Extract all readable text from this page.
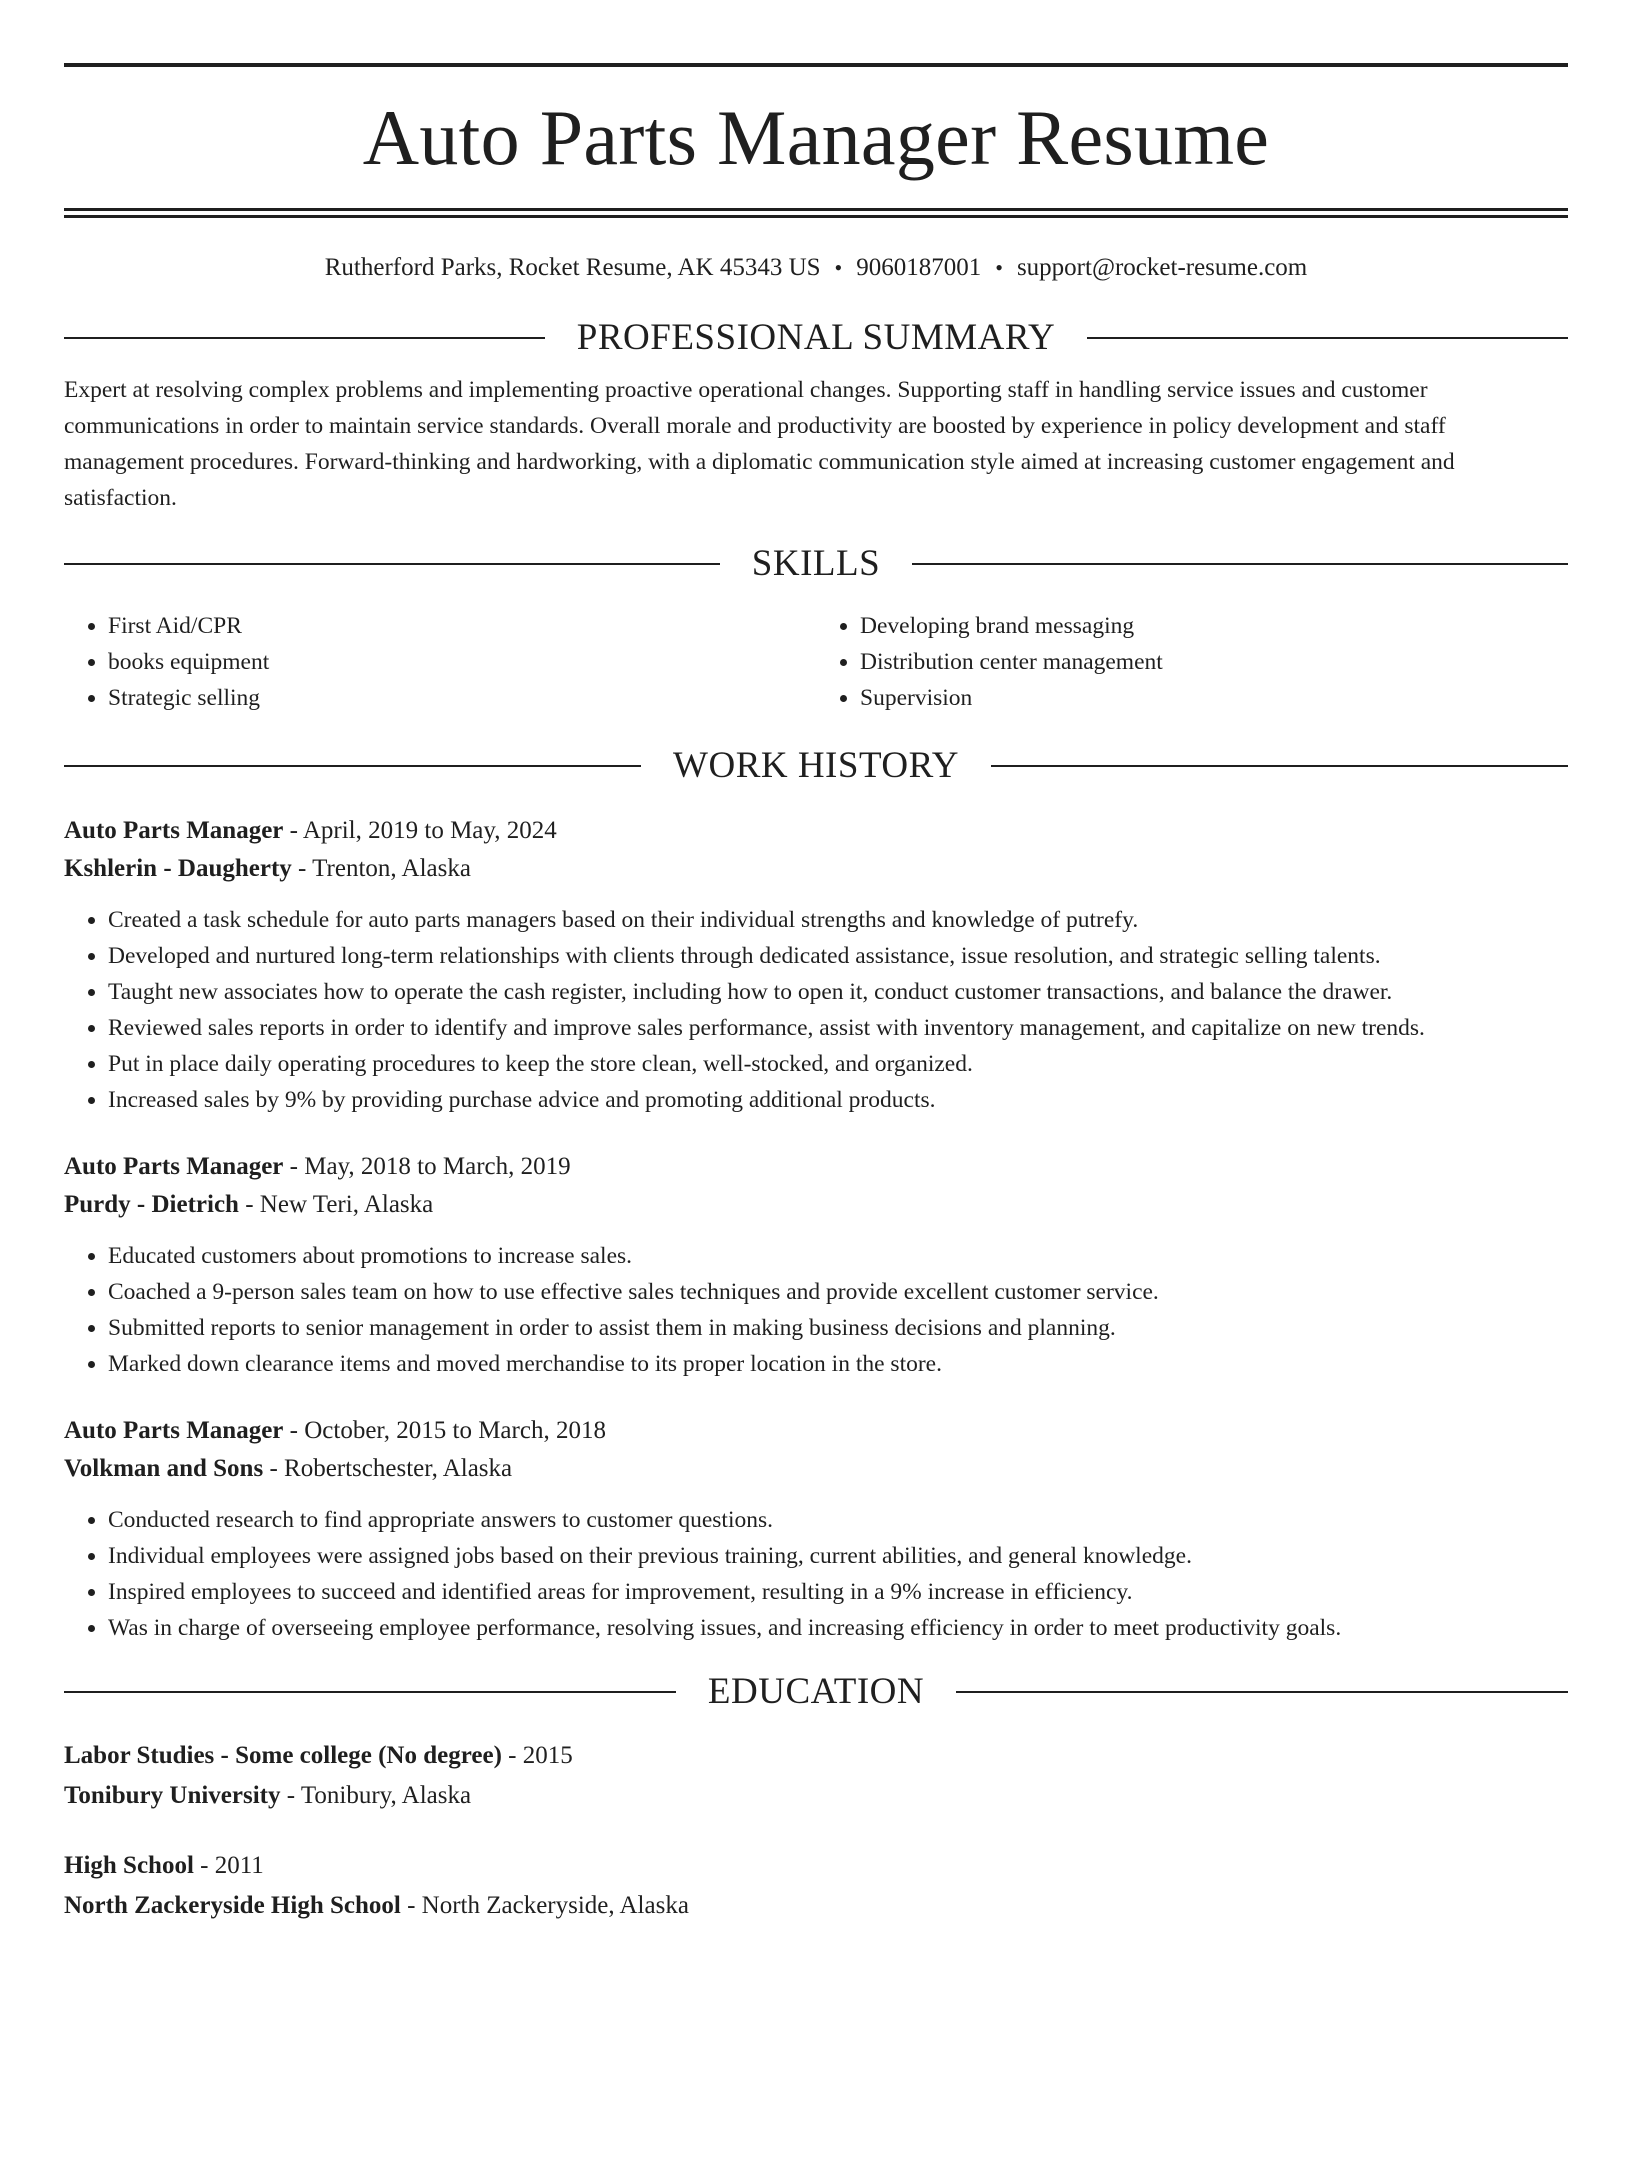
Auto Parts Manager Resume
Rutherford Parks, Rocket Resume, AK 45343 US • 9060187001 • support@rocket-resume.com
PROFESSIONAL SUMMARY

Expert at resolving complex problems and implementing proactive operational changes. Supporting staff in handling service issues and customer communications in order to maintain service standards. Overall morale and productivity are boosted by experience in policy development and staff management procedures. Forward-thinking and hardworking, with a diplomatic communication style aimed at increasing customer engagement and satisfaction.

SKILLS
• First Aid/CPR
• books equipment
• Strategic selling
• Developing brand messaging
• Distribution center management
• Supervision
WORK HISTORY
Auto Parts Manager - April, 2019 to May, 2024
Kshlerin - Daugherty - Trenton, Alaska
• Created a task schedule for auto parts managers based on their individual strengths and knowledge of putrefy.
• Developed and nurtured long-term relationships with clients through dedicated assistance, issue resolution, and strategic selling talents.
• Taught new associates how to operate the cash register, including how to open it, conduct customer transactions, and balance the drawer.
• Reviewed sales reports in order to identify and improve sales performance, assist with inventory management, and capitalize on new trends.
• Put in place daily operating procedures to keep the store clean, well-stocked, and organized.
• Increased sales by 9% by providing purchase advice and promoting additional products.
Auto Parts Manager - May, 2018 to March, 2019
Purdy - Dietrich - New Teri, Alaska
• Educated customers about promotions to increase sales.
• Coached a 9-person sales team on how to use effective sales techniques and provide excellent customer service.
• Submitted reports to senior management in order to assist them in making business decisions and planning.
• Marked down clearance items and moved merchandise to its proper location in the store.
Auto Parts Manager - October, 2015 to March, 2018
Volkman and Sons - Robertschester, Alaska
• Conducted research to find appropriate answers to customer questions.
• Individual employees were assigned jobs based on their previous training, current abilities, and general knowledge.
• Inspired employees to succeed and identified areas for improvement, resulting in a 9% increase in efficiency.
• Was in charge of overseeing employee performance, resolving issues, and increasing efficiency in order to meet productivity goals.
EDUCATION
Labor Studies - Some college (No degree) - 2015
Tonibury University - Tonibury, Alaska
High School - 2011
North Zackeryside High School - North Zackeryside, Alaska
